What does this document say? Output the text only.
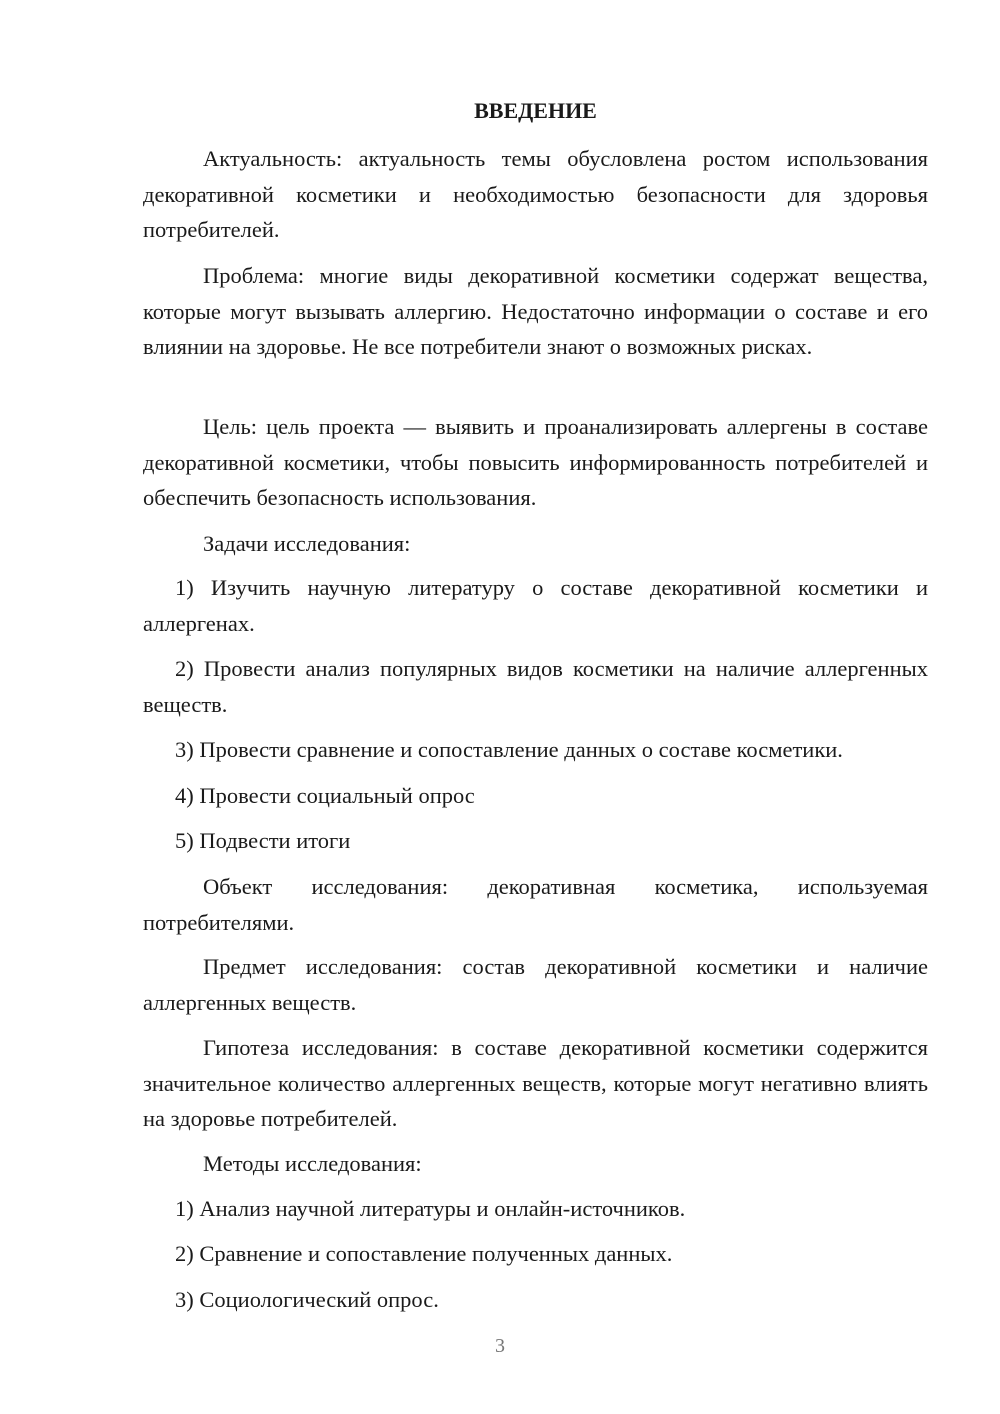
ВВЕДЕНИЕ
Актуальность: актуальность темы обусловлена ростом использования декоративной косметики и необходимостью безопасности для здоровья потребителей.
Проблема: многие виды декоративной косметики содержат вещества, которые могут вызывать аллергию. Недостаточно информации о составе и его влиянии на здоровье. Не все потребители знают о возможных рисках.
Цель: цель проекта — выявить и проанализировать аллергены в составе декоративной косметики, чтобы повысить информированность потребителей и обеспечить безопасность использования.
Задачи исследования:
1) Изучить научную литературу о составе декоративной косметики и аллергенах.
2) Провести анализ популярных видов косметики на наличие аллергенных веществ.
3) Провести сравнение и сопоставление данных о составе косметики.
4) Провести социальный опрос
5) Подвести итоги
Объект исследования: декоративная косметика, используемая потребителями.
Предмет исследования: состав декоративной косметики и наличие аллергенных веществ.
Гипотеза исследования: в составе декоративной косметики содержится значительное количество аллергенных веществ, которые могут негативно влиять на здоровье потребителей.
Методы исследования:
1) Анализ научной литературы и онлайн-источников.
2) Сравнение и сопоставление полученных данных.
3) Социологический опрос.
3
